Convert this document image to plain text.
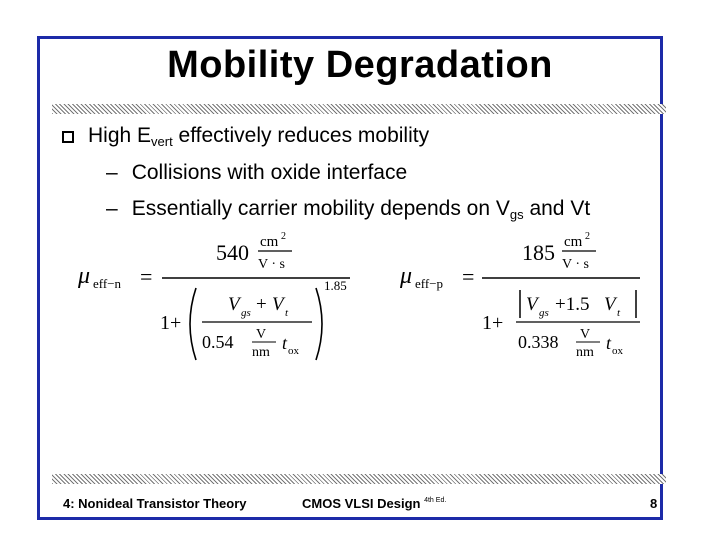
Mobility Degradation
High $E_{vert}$ effectively reduces mobility
– Collisions with oxide interface
– Essentially carrier mobility depends on $V_{gs}$ and Vt
μ eff−n =
540 cm 2
V · s
1+
V gs + V t
0.54 V
nm t ox
1.85 μ eff−p =
185 cm 2
V · s
1+
V gs +1.5 V t
0.338 V
nm t ox
4: Nonideal Transistor Theory	CMOS VLSI Design $^{4th Ed.}$	8
